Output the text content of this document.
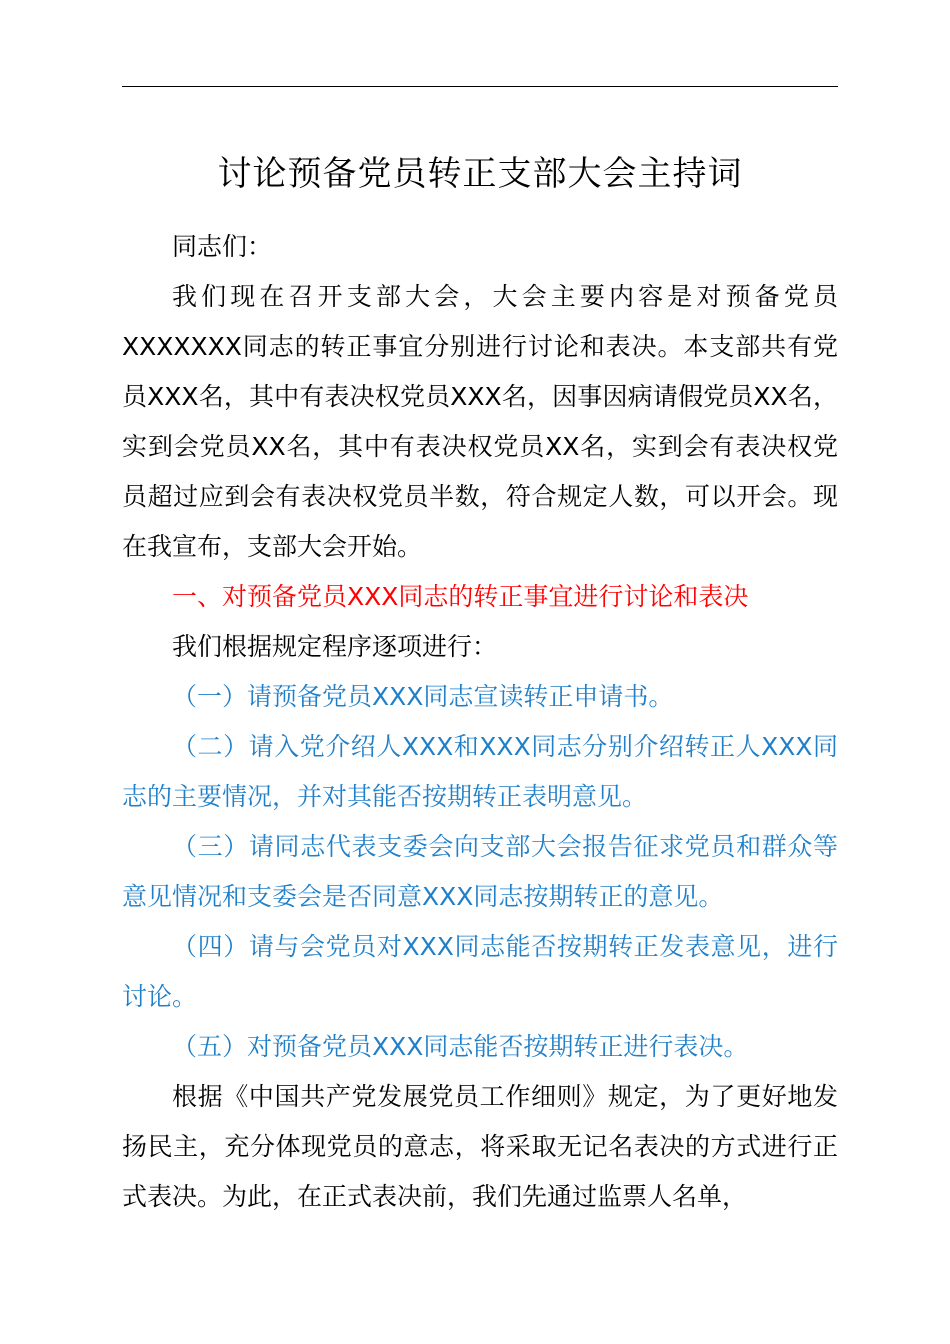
讨论预备党员转正支部大会主持词

同志们：

我们现在召开支部大会，大会主要内容是对预备党员XXXXXXX同志的转正事宜分别进行讨论和表决。本支部共有党员XXX名，其中有表决权党员XXX名，因事因病请假党员XX名，实到会党员XX名，其中有表决权党员XX名，实到会有表决权党员超过应到会有表决权党员半数，符合规定人数，可以开会。现在我宣布，支部大会开始。

一、对预备党员XXX同志的转正事宜进行讨论和表决

我们根据规定程序逐项进行：

（一）请预备党员XXX同志宣读转正申请书。

（二）请入党介绍人XXX和XXX同志分别介绍转正人XXX同志的主要情况，并对其能否按期转正表明意见。

（三）请同志代表支委会向支部大会报告征求党员和群众等意见情况和支委会是否同意XXX同志按期转正的意见。

（四）请与会党员对XXX同志能否按期转正发表意见，进行讨论。

（五）对预备党员XXX同志能否按期转正进行表决。

根据《中国共产党发展党员工作细则》规定，为了更好地发扬民主，充分体现党员的意志，将采取无记名表决的方式进行正式表决。为此，在正式表决前，我们先通过监票人名单，
